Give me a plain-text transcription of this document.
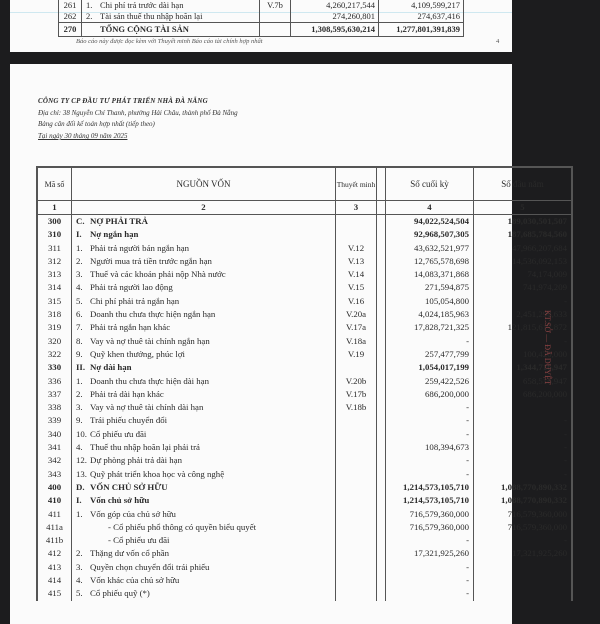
261	1. Chi phí trả trước dài hạn	V.7b	4,260,217,544	4,109,599,217
262	2. Tài sản thuế thu nhập hoãn lại	274,260,801	274,637,416
270	TỔNG CỘNG TÀI SẢN	1,308,595,630,214	1,277,801,391,839
Báo cáo này được đọc kèm với Thuyết minh Báo cáo tài chính hợp nhất	4
CÔNG TY CP ĐẦU TƯ PHÁT TRIỂN NHÀ ĐÀ NẴNG
Địa chỉ: 38 Nguyễn Chí Thanh, phường Hải Châu, thành phố Đà Nẵng
Bảng cân đối kế toán hợp nhất (tiếp theo)
Tại ngày 30 tháng 09 năm 2025
Mã số	NGUỒN VỐN	Thuyết minh	Số cuối kỳ	Số đầu năm
1	2	3	4	5
300	C. NỢ PHẢI TRẢ	94,022,524,504	189,030,501,507
310	I. Nợ ngắn hạn	92,968,507,305	187,685,784,560
311	1. Phải trả người bán ngắn hạn	V.12	43,632,521,977	47,966,207,684
312	2. Người mua trả tiền trước ngắn hạn	V.13	12,765,578,698	14,536,092,153
313	3. Thuế và các khoản phải nộp Nhà nước	V.14	14,083,371,868	74,174,009
314	4. Phải trả người lao động	V.15	271,594,875	741,974,209
315	5. Chi phí phải trả ngắn hạn	V.16	105,054,800	-
318	6. Doanh thu chưa thực hiện ngắn hạn	V.20a	4,024,185,963	2,451,298,633
319	7. Phải trả ngắn hạn khác	V.17a	17,828,721,325	121,815,617,872
320	8. Vay và nợ thuê tài chính ngắn hạn	V.18a	-	-
322	9. Quỹ khen thưởng, phúc lợi	V.19	257,477,799	100,420,000
330	II. Nợ dài hạn	1,054,017,199	1,344,716,947
336	1. Doanh thu chưa thực hiện dài hạn	V.20b	259,422,526	658,516,947
337	2. Phải trả dài hạn khác	V.17b	686,200,000	686,200,000
338	3. Vay và nợ thuê tài chính dài hạn	V.18b	-
339	9. Trái phiếu chuyển đổi	-	-
340	10. Cổ phiếu ưu đãi	-	-
341	4. Thuế thu nhập hoãn lại phải trả	108,394,673	-
342	12. Dự phòng phải trả dài hạn	-	-
343	13. Quỹ phát triển khoa học và công nghệ	-	-
400	D. VỐN CHỦ SỞ HỮU	1,214,573,105,710	1,088,770,890,332
410	I. Vốn chủ sở hữu	1,214,573,105,710	1,088,770,890,332
411	1. Vốn góp của chủ sở hữu	716,579,360,000	716,579,360,000
411a	- Cổ phiếu phổ thông có quyền biểu quyết	716,579,360,000	716,579,360,000
411b	- Cổ phiếu ưu đãi	-	-
412	2. Thặng dư vốn cổ phần	17,321,925,260	17,321,925,260
413	3. Quyền chọn chuyển đổi trái phiếu	-
414	4. Vốn khác của chủ sở hữu	-
415	5. Cổ phiếu quỹ (*)	-
KT.SỞ — ĐÃ DUYỆT
